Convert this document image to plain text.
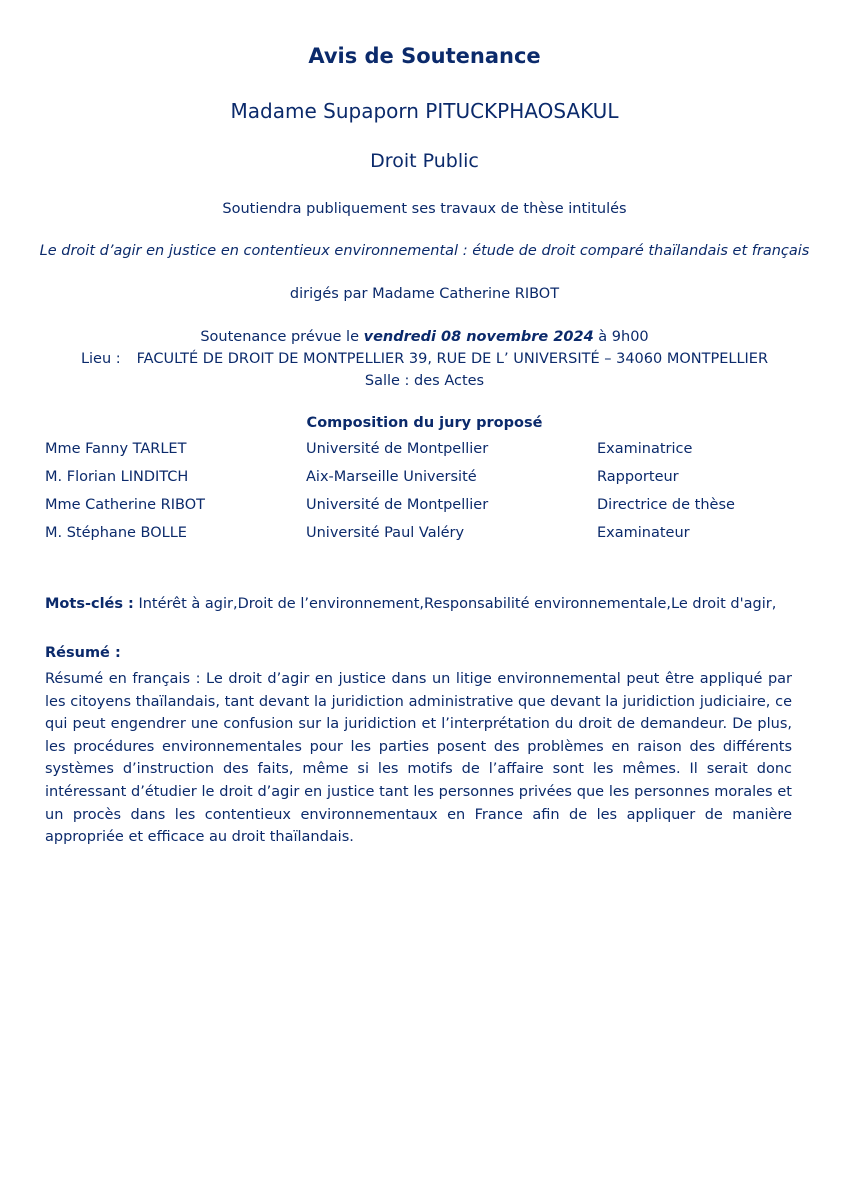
Avis de Soutenance
Madame Supaporn PITUCKPHAOSAKUL
Droit Public
Soutiendra publiquement ses travaux de thèse intitulés
Le droit d’agir en justice en contentieux environnemental : étude de droit comparé thaïlandais et français
dirigés par Madame Catherine RIBOT
Soutenance prévue le vendredi 08 novembre 2024 à 9h00
Lieu : FACULTÉ DE DROIT DE MONTPELLIER 39, RUE DE L’ UNIVERSITÉ – 34060 MONTPELLIER
Salle : des Actes
Composition du jury proposé
Mme Fanny TARLET	Université de Montpellier	Examinatrice
M. Florian LINDITCH	Aix-Marseille Université	Rapporteur
Mme Catherine RIBOT	Université de Montpellier	Directrice de thèse
M. Stéphane BOLLE	Université Paul Valéry	Examinateur
Mots-clés : Intérêt à agir,Droit de l’environnement,Responsabilité environnementale,Le droit d'agir,
Résumé :
Résumé en français : Le droit d’agir en justice dans un litige environnemental peut être appliqué par les citoyens thaïlandais, tant devant la juridiction administrative que devant la juridiction judiciaire, ce qui peut engendrer une confusion sur la juridiction et l’interprétation du droit de demandeur. De plus, les procédures environnementales pour les parties posent des problèmes en raison des différents systèmes d’instruction des faits, même si les motifs de l’affaire sont les mêmes. Il serait donc intéressant d’étudier le droit d’agir en justice tant les personnes privées que les personnes morales et un procès dans les contentieux environnementaux en France afin de les appliquer de manière appropriée et efficace au droit thaïlandais.
